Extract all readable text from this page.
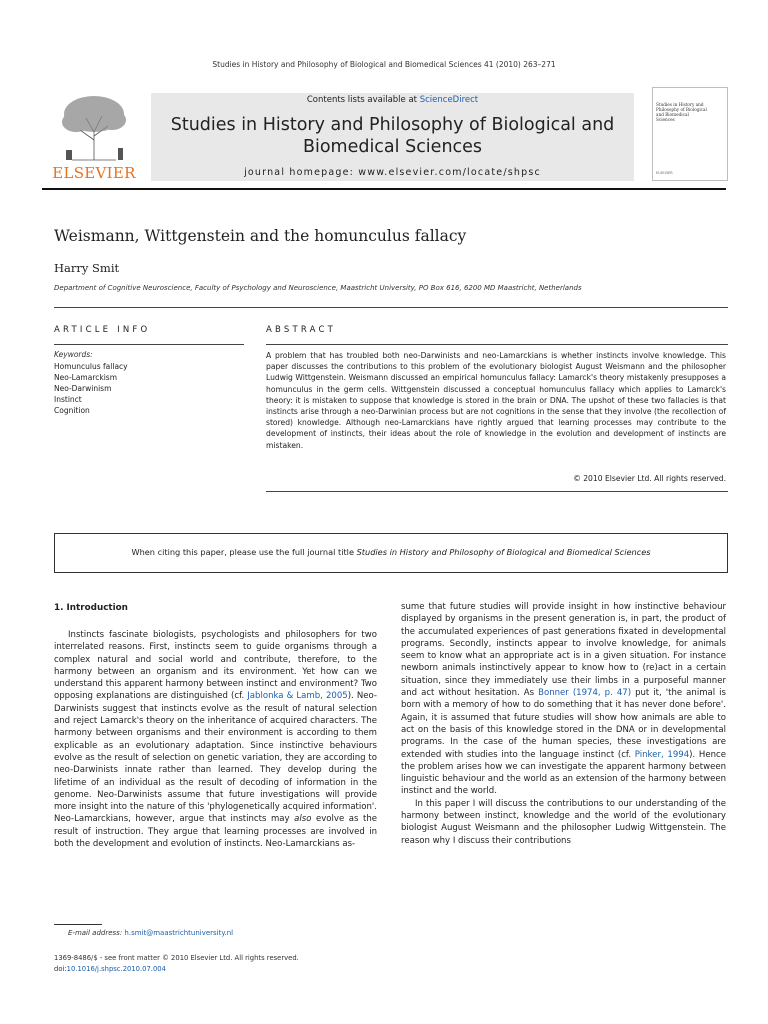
Studies in History and Philosophy of Biological and Biomedical Sciences 41 (2010) 263–271
ELSEVIER
Contents lists available at ScienceDirect
Studies in History and Philosophy of Biological and Biomedical Sciences
journal homepage: www.elsevier.com/locate/shpsc
Studies in History and Philosophy of Biological and Biomedical Sciences
ELSEVIER
Weismann, Wittgenstein and the homunculus fallacy
Harry Smit
Department of Cognitive Neuroscience, Faculty of Psychology and Neuroscience, Maastricht University, PO Box 616, 6200 MD Maastricht, Netherlands
ARTICLE INFO
Keywords:
Homunculus fallacy
Neo-Lamarckism
Neo-Darwinism
Instinct
Cognition
ABSTRACT
A problem that has troubled both neo-Darwinists and neo-Lamarckians is whether instincts involve knowledge. This paper discusses the contributions to this problem of the evolutionary biologist August Weismann and the philosopher Ludwig Wittgenstein. Weismann discussed an empirical homunculus fallacy: Lamarck's theory mistakenly presupposes a homunculus in the germ cells. Wittgenstein discussed a conceptual homunculus fallacy which applies to Lamarck's theory: it is mistaken to suppose that knowledge is stored in the brain or DNA. The upshot of these two fallacies is that instincts arise through a neo-Darwinian process but are not cognitions in the sense that they involve (the recollection of stored) knowledge. Although neo-Lamarckians have rightly argued that learning processes may contribute to the development of instincts, their ideas about the role of knowledge in the evolution and development of instincts are mistaken.
© 2010 Elsevier Ltd. All rights reserved.
When citing this paper, please use the full journal title Studies in History and Philosophy of Biological and Biomedical Sciences
1. Introduction

Instincts fascinate biologists, psychologists and philosophers for two interrelated reasons. First, instincts seem to guide organisms through a complex natural and social world and contribute, therefore, to the harmony between an organism and its environment. Yet how can we understand this apparent harmony between instinct and environment? Two opposing explanations are distinguished (cf. Jablonka & Lamb, 2005). Neo-Darwinists suggest that instincts evolve as the result of natural selection and reject Lamarck's theory on the inheritance of acquired characters. The harmony between organisms and their environment is according to them explicable as an evolutionary adaptation. Since instinctive behaviours evolve as the result of selection on genetic variation, they are according to neo-Darwinists innate rather than learned. They develop during the lifetime of an individual as the result of decoding of information in the genome. Neo-Darwinists assume that future investigations will provide more insight into the nature of this 'phylogenetically acquired information'. Neo-Lamarckians, however, argue that instincts may also evolve as the result of instruction. They argue that learning processes are involved in both the development and evolution of instincts. Neo-Lamarckians as-

sume that future studies will provide insight in how instinctive behaviour displayed by organisms in the present generation is, in part, the product of the accumulated experiences of past generations fixated in developmental programs. Secondly, instincts appear to involve knowledge, for animals seem to know what an appropriate act is in a given situation. For instance newborn animals instinctively appear to know how to (re)act in a certain situation, since they immediately use their limbs in a purposeful manner and act without hesitation. As Bonner (1974, p. 47) put it, 'the animal is born with a memory of how to do something that it has never done before'. Again, it is assumed that future studies will show how animals are able to act on the basis of this knowledge stored in the DNA or in developmental programs. In the case of the human species, these investigations are extended with studies into the language instinct (cf. Pinker, 1994). Hence the problem arises how we can investigate the apparent harmony between linguistic behaviour and the world as an extension of the harmony between instinct and the world.

In this paper I will discuss the contributions to our understanding of the harmony between instinct, knowledge and the world of the evolutionary biologist August Weismann and the philosopher Ludwig Wittgenstein. The reason why I discuss their contributions

E-mail address: h.smit@maastrichtuniversity.nl
1369-8486/$ - see front matter © 2010 Elsevier Ltd. All rights reserved.
doi:10.1016/j.shpsc.2010.07.004
